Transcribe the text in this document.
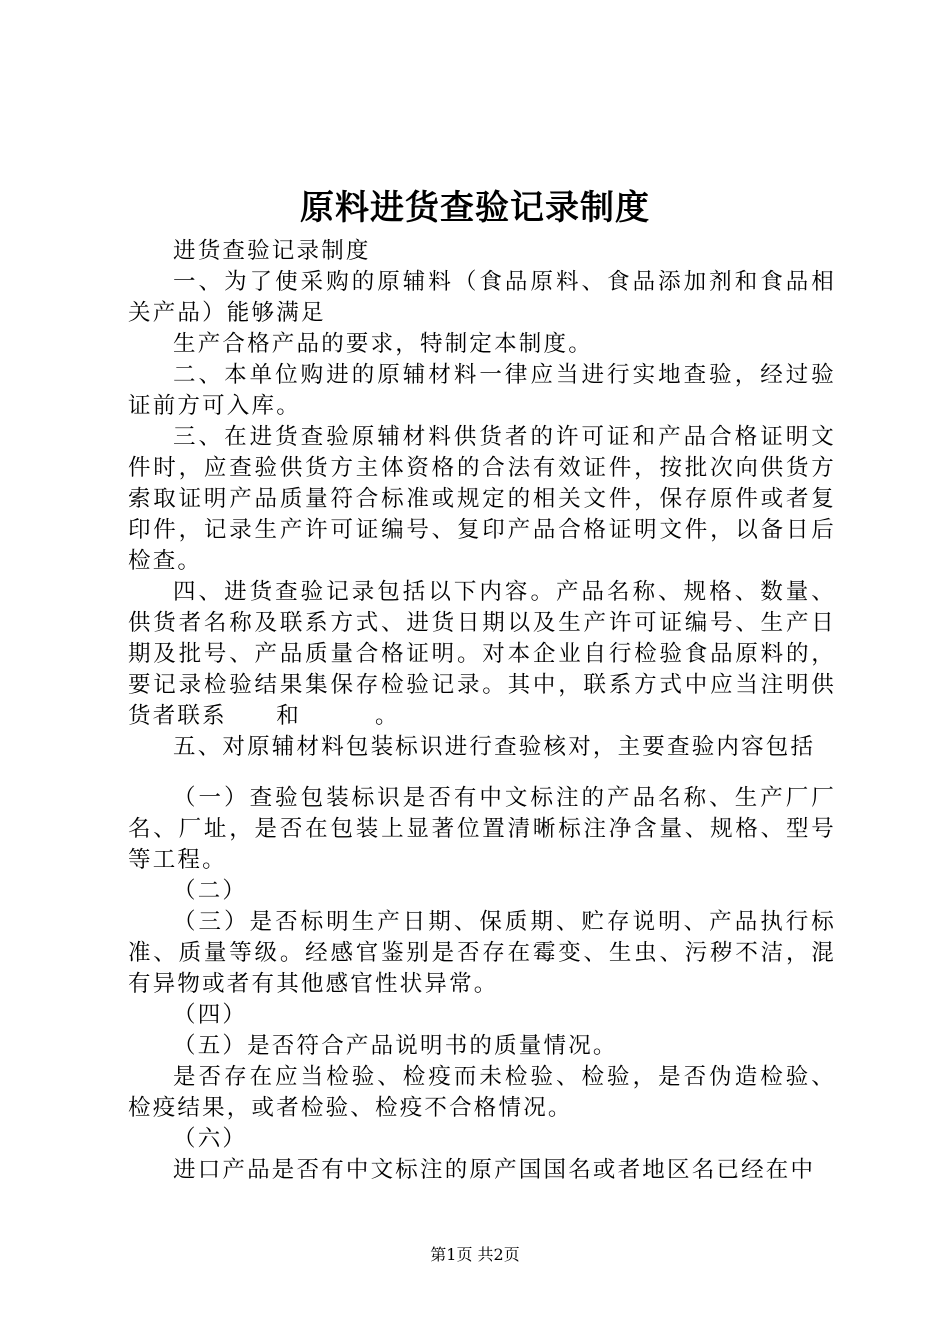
原料进货查验记录制度

进货查验记录制度

一、为了使采购的原辅料（食品原料、食品添加剂和食品相关产品）能够满足

生产合格产品的要求，特制定本制度。

二、本单位购进的原辅材料一律应当进行实地查验，经过验证前方可入库。

三、在进货查验原辅材料供货者的许可证和产品合格证明文件时，应查验供货方主体资格的合法有效证件，按批次向供货方索取证明产品质量符合标准或规定的相关文件，保存原件或者复印件，记录生产许可证编号、复印产品合格证明文件，以备日后检查。

四、进货查验记录包括以下内容。产品名称、规格、数量、供货者名称及联系方式、进货日期以及生产许可证编号、生产日期及批号、产品质量合格证明。对本企业自行检验食品原料的，要记录检验结果集保存检验记录。其中，联系方式中应当注明供货者联系　　和　　　。

五、对原辅材料包装标识进行查验核对，主要查验内容包括

（一）查验包装标识是否有中文标注的产品名称、生产厂厂名、厂址，是否在包装上显著位置清晰标注净含量、规格、型号等工程。

（二）

（三）是否标明生产日期、保质期、贮存说明、产品执行标准、质量等级。经感官鉴别是否存在霉变、生虫、污秽不洁，混有异物或者有其他感官性状异常。

（四）

（五）是否符合产品说明书的质量情况。

是否存在应当检验、检疫而未检验、检验，是否伪造检验、检疫结果，或者检验、检疫不合格情况。

（六）

进口产品是否有中文标注的原产国国名或者地区名已经在中

第1页 共2页
